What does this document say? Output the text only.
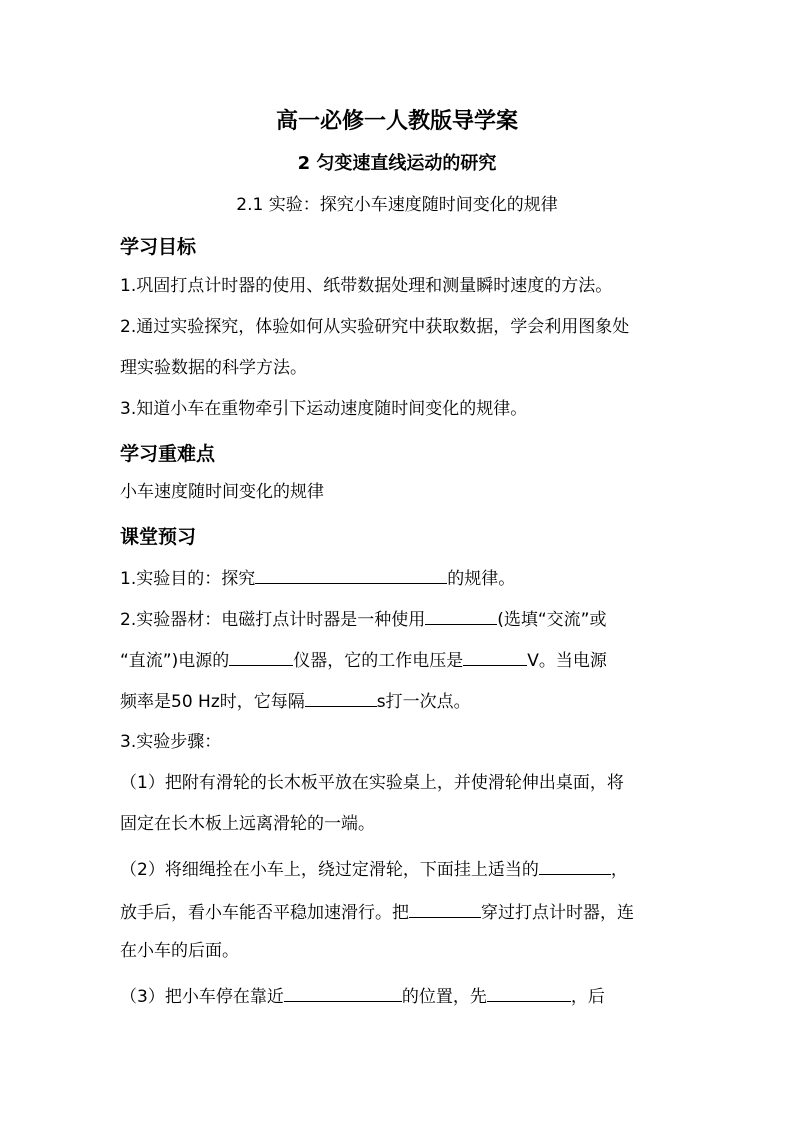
高一必修一人教版导学案
2 匀变速直线运动的研究
2.1 实验：探究小车速度随时间变化的规律
学习目标
1.巩固打点计时器的使用、纸带数据处理和测量瞬时速度的方法。
2.通过实验探究，体验如何从实验研究中获取数据，学会利用图象处
理实验数据的科学方法。
3.知道小车在重物牵引下运动速度随时间变化的规律。
学习重难点
小车速度随时间变化的规律
课堂预习
1.实验目的：探究	的规律。
2.实验器材：电磁打点计时器是一种使用	(选填“交流”或
“直流”)电源的	仪器，它的工作电压是	V。当电源
频率是50 Hz时，它每隔	s打一次点。
3.实验步骤：
（1）把附有滑轮的长木板平放在实验桌上，并使滑轮伸出桌面，将
固定在长木板上远离滑轮的一端。
（2）将细绳拴在小车上，绕过定滑轮，下面挂上适当的	，
放手后，看小车能否平稳加速滑行。把	穿过打点计时器，连
在小车的后面。
（3）把小车停在靠近	的位置，先	，后
